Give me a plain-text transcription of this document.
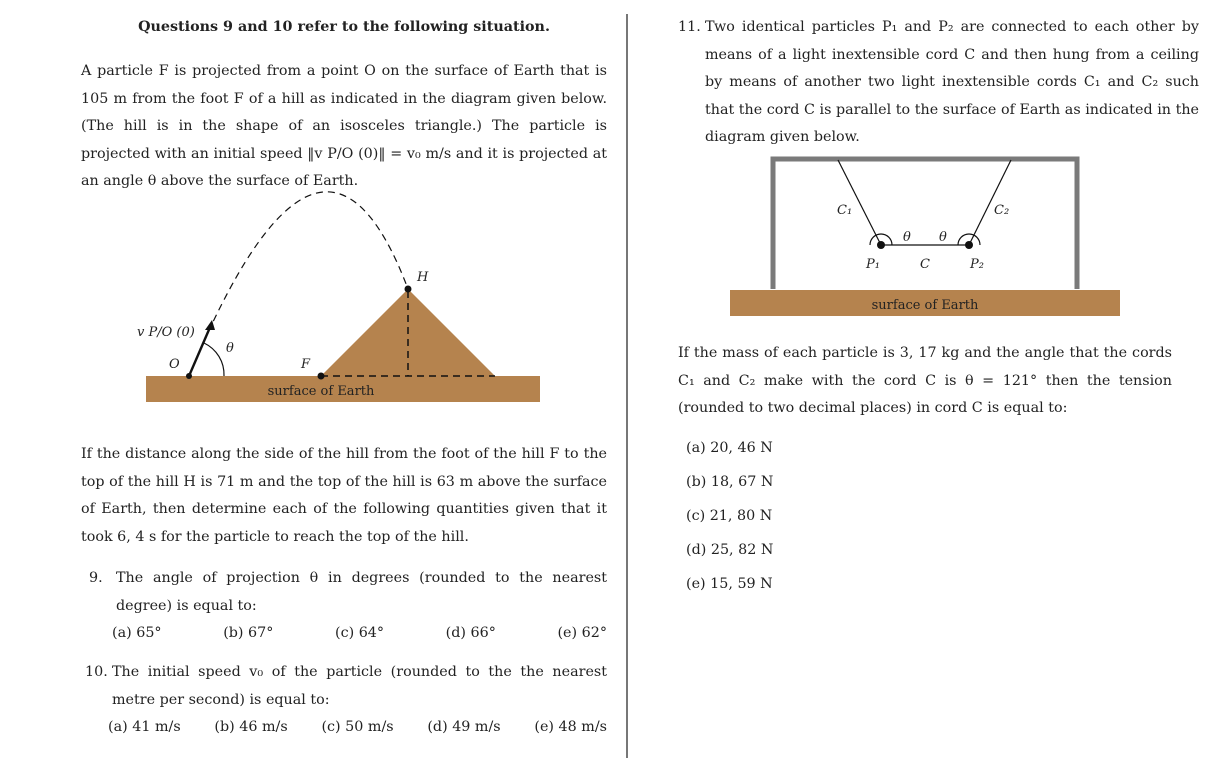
Questions 9 and 10 refer to the following situation.
A particle F is projected from a point O on the surface of Earth that is 105 m from the foot F of a hill as indicated in the diagram given below. (The hill is in the shape of an isosceles triangle.) The particle is projected with an initial speed ‖v P/O (0)‖ = v₀ m/s and it is projected at an angle θ above the surface of Earth.
v P/O (0)
θ
O	F
H
surface of Earth
If the distance along the side of the hill from the foot of the hill F to the top of the hill H is 71 m and the top of the hill is 63 m above the surface of Earth, then determine each of the following quantities given that it took 6, 4 s for the particle to reach the top of the hill.
9. The angle of projection θ in degrees (rounded to the nearest degree) is equal to:
(a) 65°	(b) 67°	(c) 64°	(d) 66°	(e) 62°
10. The initial speed v₀ of the particle (rounded to the the nearest metre per second) is equal to:
(a) 41 m/s (b) 46 m/s (c) 50 m/s (d) 49 m/s (e) 48 m/s
11. Two identical particles P₁ and P₂ are connected to each other by means of a light inextensible cord C and then hung from a ceiling by means of another two light inextensible cords C₁ and C₂ such that the cord C is parallel to the surface of Earth as indicated in the diagram given below.
C₁	C₂
θ θ
P₁	C	P₂
surface of Earth
If the mass of each particle is 3, 17 kg and the angle that the cords C₁ and C₂ make with the cord C is θ = 121° then the tension (rounded to two decimal places) in cord C is equal to:
(a) 20, 46 N
(b) 18, 67 N
(c) 21, 80 N
(d) 25, 82 N
(e) 15, 59 N
